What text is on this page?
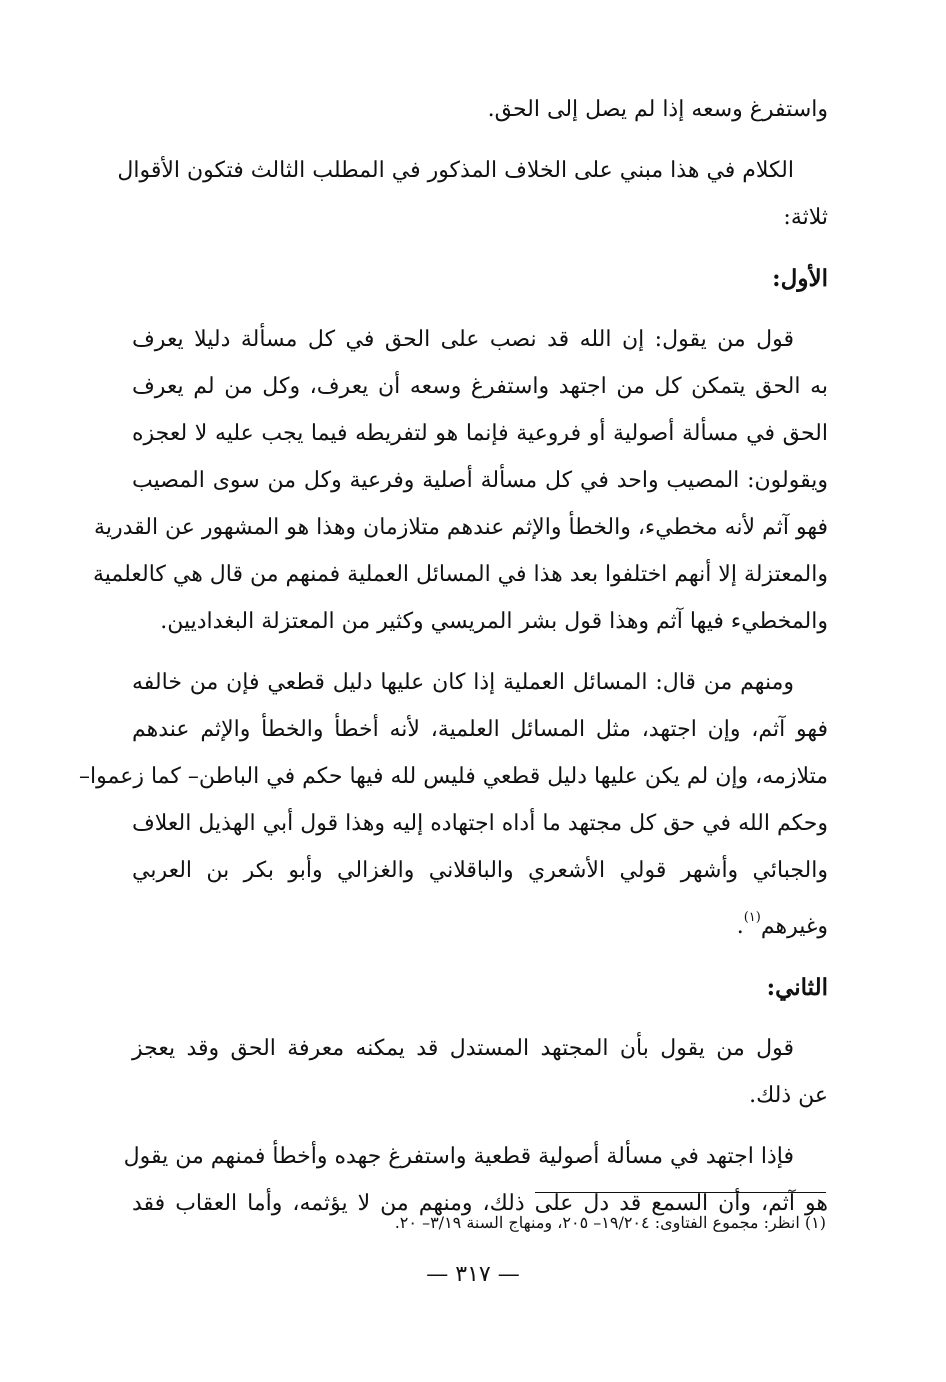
واستفرغ وسعه إذا لم يصل إلى الحق.
الكلام في هذا مبني على الخلاف المذكور في المطلب الثالث فتكون الأقوال
ثلاثة:
الأول:
قول من يقول: إن الله قد نصب على الحق في كل مسألة دليلا يعرف
به الحق يتمكن كل من اجتهد واستفرغ وسعه أن يعرف، وكل من لم يعرف
الحق في مسألة أصولية أو فروعية فإنما هو لتفريطه فيما يجب عليه لا لعجزه
ويقولون: المصيب واحد في كل مسألة أصلية وفرعية وكل من سوى المصيب
فهو آثم لأنه مخطيء، والخطأ والإثم عندهم متلازمان وهذا هو المشهور عن القدرية
والمعتزلة إلا أنهم اختلفوا بعد هذا في المسائل العملية فمنهم من قال هي كالعلمية
والمخطيء فيها آثم وهذا قول بشر المريسي وكثير من المعتزلة البغداديين.
ومنهم من قال: المسائل العملية إذا كان عليها دليل قطعي فإن من خالفه
فهو آثم، وإن اجتهد، مثل المسائل العلمية، لأنه أخطأ والخطأ والإثم عندهم
متلازمه، وإن لم يكن عليها دليل قطعي فليس لله فيها حكم في الباطن– كما زعموا–
وحكم الله في حق كل مجتهد ما أداه اجتهاده إليه وهذا قول أبي الهذيل العلاف
والجبائي وأشهر قولي الأشعري والباقلاني والغزالي وأبو بكر بن العربي
وغيرهم$^{(١)}$.
الثاني:
قول من يقول بأن المجتهد المستدل قد يمكنه معرفة الحق وقد يعجز
عن ذلك.
فإذا اجتهد في مسألة أصولية قطعية واستفرغ جهده وأخطأ فمنهم من يقول
هو آثم، وأن السمع قد دل على ذلك، ومنهم من لا يؤثمه، وأما العقاب فقد
(١) انظر: مجموع الفتاوى: ١٩/٢٠٤– ٢٠٥، ومنهاج السنة ٣/١٩– ٢٠.
— ٣١٧ —
